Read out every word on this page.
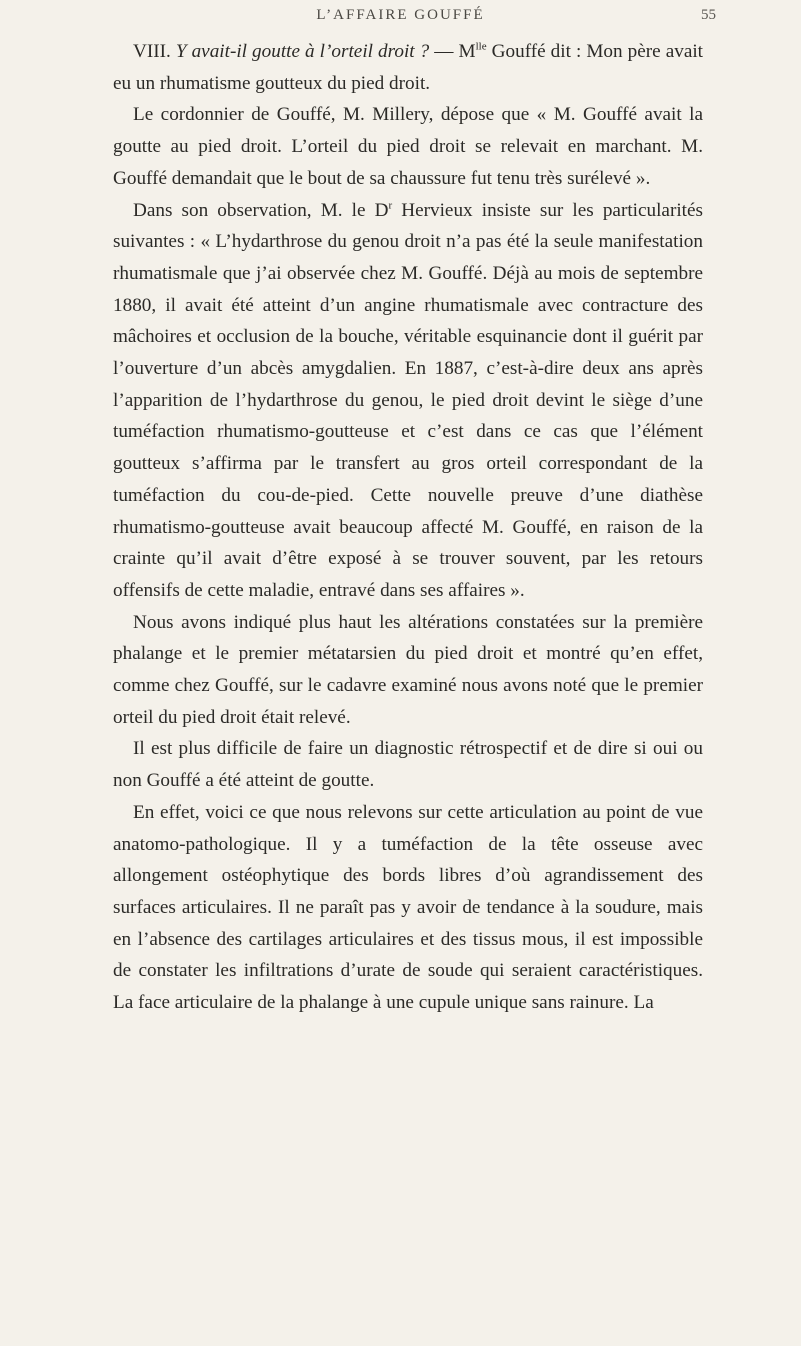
L’AFFAIRE GOUFFÉ	55

VIII. Y avait-il goutte à l’orteil droit ? — $M^{lle}$ Gouffé dit : Mon père avait eu un rhumatisme goutteux du pied droit.

Le cordonnier de Gouffé, M. Millery, dépose que « M. Gouffé avait la goutte au pied droit. L’orteil du pied droit se relevait en marchant. M. Gouffé demandait que le bout de sa chaussure fut tenu très surélevé ».

Dans son observation, M. le $D^r$ Hervieux insiste sur les particularités suivantes : « L’hydarthrose du genou droit n’a pas été la seule manifestation rhumatismale que j’ai observée chez M. Gouffé. Déjà au mois de septembre 1880, il avait été atteint d’un angine rhumatismale avec contracture des mâchoires et occlusion de la bouche, véritable esquinancie dont il guérit par l’ouverture d’un abcès amygdalien. En 1887, c’est-à-dire deux ans après l’apparition de l’hydarthrose du genou, le pied droit devint le siège d’une tuméfaction rhumatismo-goutteuse et c’est dans ce cas que l’élément goutteux s’affirma par le transfert au gros orteil correspondant de la tuméfaction du cou-de-pied. Cette nouvelle preuve d’une diathèse rhumatismo-goutteuse avait beaucoup affecté M. Gouffé, en raison de la crainte qu’il avait d’être exposé à se trouver souvent, par les retours offensifs de cette maladie, entravé dans ses affaires ».

Nous avons indiqué plus haut les altérations constatées sur la première phalange et le premier métatarsien du pied droit et montré qu’en effet, comme chez Gouffé, sur le cadavre examiné nous avons noté que le premier orteil du pied droit était relevé.

Il est plus difficile de faire un diagnostic rétrospectif et de dire si oui ou non Gouffé a été atteint de goutte.

En effet, voici ce que nous relevons sur cette articulation au point de vue anatomo-pathologique. Il y a tuméfaction de la tête osseuse avec allongement ostéophytique des bords libres d’où agrandissement des surfaces articulaires. Il ne paraît pas y avoir de tendance à la soudure, mais en l’absence des cartilages articulaires et des tissus mous, il est impossible de constater les infiltrations d’urate de soude qui seraient caractéristiques. La face articulaire de la phalange à une cupule unique sans rainure. La
